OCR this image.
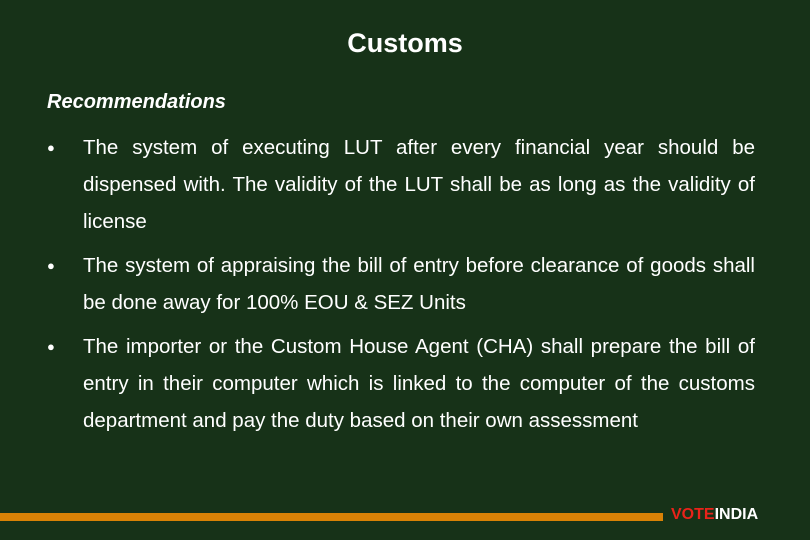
Customs
Recommendations
●	The system of executing LUT after every financial year should be dispensed with. The validity of the LUT shall be as long as the validity of license
●	The system of appraising the bill of entry before clearance of goods shall be done away for 100% EOU & SEZ Units
●	The importer or the Custom House Agent (CHA) shall prepare the bill of entry in their computer which is linked to the computer of the customs department and pay the duty based on their own assessment
VOTEINDIA
